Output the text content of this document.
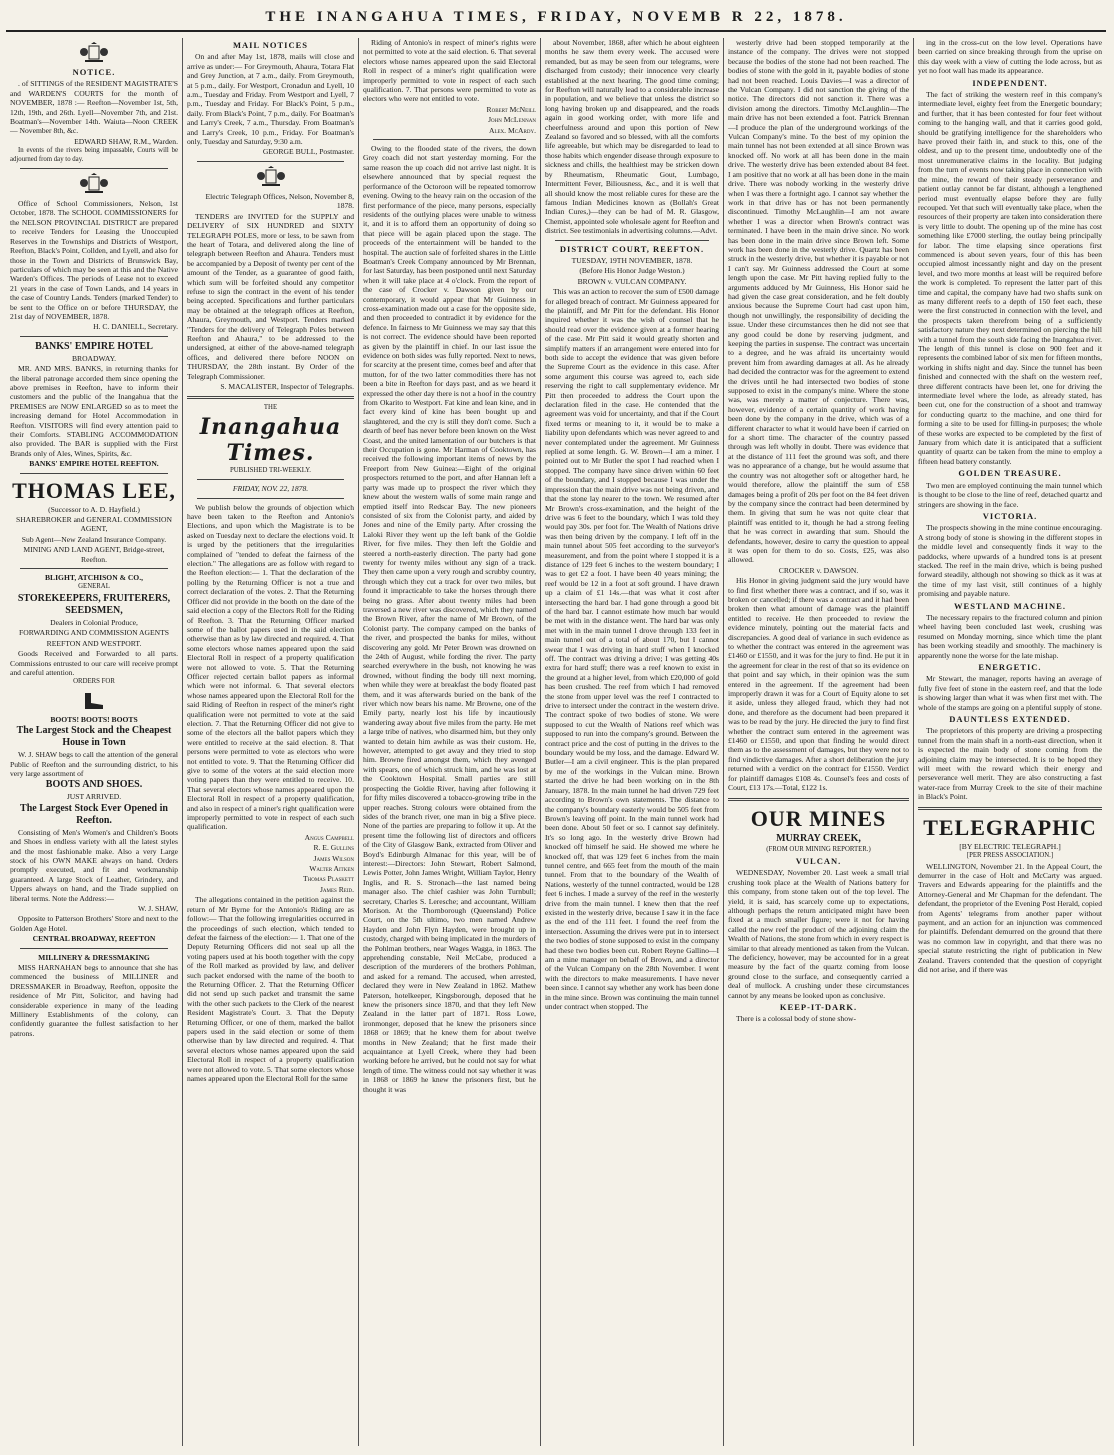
THE INANGAHUA TIMES, FRIDAY, NOVEMB R 22, 1878.

NOTICE.

. of SITTINGS of the RESIDENT MAGISTRATE'S and WARDEN'S COURTS for the month of NOVEMBER, 1878 :— Reefton—November 1st, 5th, 12th, 19th, and 26th. Lyell—November 7th, and 21st. Boatman's—November 14th. Waiuta—Noon CREEK — November 8th, &c.

EDWARD SHAW, R.M., Warden.

In events of the rivers being impassable, Courts will be adjourned from day to day.

Office of School Commissioners, Nelson, 1st October, 1878. The SCHOOL COMMISSIONERS for the NELSON PROVINCIAL DISTRICT are prepared to receive Tenders for Leasing the Unoccupied Reserves in the Townships and Districts of Westport, Reefton, Black's Point, Collden, and Lyell, and also for those in the Town and Districts of Brunswick Bay, particulars of which may be seen at this and the Native Warden's Offices. The periods of Lease not to exceed 21 years in the case of Town Lands, and 14 years in the case of Country Lands. Tenders (marked Tender) to be sent to the Office on or before THURSDAY, the 21st day of NOVEMBER, 1878.

H. C. DANIELL, Secretary.

BANKS' EMPIRE HOTEL

BROADWAY.

MR. AND MRS. BANKS, in returning thanks for the liberal patronage accorded them since opening the above premises in Reefton, have to inform their customers and the public of the Inangahua that the PREMISES are NOW ENLARGED so as to meet the increasing demand for Hotel Accommodation in Reefton. VISITORS will find every attention paid to their Comforts. STABLING ACCOMMODATION also provided. The BAR is supplied with the First Brands only of Ales, Wines, Spirits, &c.

BANKS' EMPIRE HOTEL REEFTON.

THOMAS LEE,

(Successor to A. D. Hayfield.)

SHAREBROKER and GENERAL COMMISSION AGENT,

Sub Agent—New Zealand Insurance Company.

MINING AND LAND AGENT, Bridge-street, Reefton.

BLIGHT, ATCHISON & CO.,

GENERAL

STOREKEEPERS, FRUITERERS, SEEDSMEN,

Dealers in Colonial Produce,

FORWARDING AND COMMISSION AGENTS

REEFTON AND WESTPORT.

Goods Received and Forwarded to all parts. Commissions entrusted to our care will receive prompt and careful attention.

ORDERS FOR

BOOTS! BOOTS! BOOTS

The Largest Stock and the Cheapest House in Town

W. J. SHAW begs to call the attention of the general Public of Reefton and the surrounding district, to his very large assortment of

BOOTS AND SHOES.

JUST ARRIVED.

The Largest Stock Ever Opened in Reefton.

Consisting of Men's Women's and Children's Boots and Shoes in endless variety with all the latest styles and the most fashionable make. Also a very Large stock of his OWN MAKE always on hand. Orders promptly executed, and fit and workmanship guaranteed. A large Stock of Leather, Grindery, and Uppers always on hand, and the Trade supplied on liberal terms. Note the Address:—

W. J. SHAW,

Opposite to Patterson Brothers' Store and next to the Golden Age Hotel.

CENTRAL BROADWAY, REEFTON

MILLINERY & DRESSMAKING

MISS HARNAHAN begs to announce that she has commenced the business of MILLINER and DRESSMAKER in Broadway, Reefton, opposite the residence of Mr Pitt, Solicitor, and having had considerable experience in many of the leading Millinery Establishments of the colony, can confidently guarantee the fullest satisfaction to her patrons.

MAIL NOTICES

On and after May 1st, 1878, mails will close and arrive as under:— For Greymouth, Ahaura, Totara Flat and Grey Junction, at 7 a.m., daily. From Greymouth, at 5 p.m., daily. For Westport, Cronadun and Lyell, 10 a.m., Tuesday and Friday. From Westport and Lyell, 7 p.m., Tuesday and Friday. For Black's Point, 5 p.m., daily. From Black's Point, 7 p.m., daily. For Boatman's and Larry's Creek, 7 a.m., Thursday. From Boatman's and Larry's Creek, 10 p.m., Friday. For Boatman's only, Tuesday and Saturday, 9:30 a.m.

GEORGE BULL, Postmaster.

Electric Telegraph Offices, Nelson, November 8, 1878.

TENDERS are INVITED for the SUPPLY and DELIVERY of SIX HUNDRED and SIXTY TELEGRAPH POLES, more or less, to be sawn from the heart of Totara, and delivered along the line of telegraph between Reefton and Ahaura. Tenders must be accompanied by a Deposit of twenty per cent of the amount of the Tender, as a guarantee of good faith, which sum will be forfeited should any competitor refuse to sign the contract in the event of his tender being accepted. Specifications and further particulars may be obtained at the telegraph offices at Reefton, Ahaura, Greymouth, and Westport. Tenders marked "Tenders for the delivery of Telegraph Poles between Reefton and Ahaura," to be addressed to the undersigned, at either of the above-named telegraph offices, and delivered there before NOON on THURSDAY, the 28th instant. By Order of the Telegraph Commissioner.

S. MACALISTER, Inspector of Telegraphs.

THE

Inangahua Times.

PUBLISHED TRI-WEEKLY.

FRIDAY, NOV. 22, 1878.

We publish below the grounds of objection which have been taken to the Reefton and Antonio's Elections, and upon which the Magistrate is to be asked on Tuesday next to declare the elections void. It is urged by the petitioners that the irregularities complained of "tended to defeat the fairness of the election." The allegations are as follow with regard to the Reefton election:— 1. That the declaration of the polling by the Returning Officer is not a true and correct declaration of the votes. 2. That the Returning Officer did not provide in the booth on the date of the said election a copy of the Electors Roll for the Riding of Reefton. 3. That the Returning Officer marked some of the ballot papers used in the said election otherwise than as by law directed and required. 4. That some electors whose names appeared upon the said Electoral Roll in respect of a property qualification were not allowed to vote. 5. That the Returning Officer rejected certain ballot papers as informal which were not informal. 6. That several electors whose names appeared upon the Electoral Roll for the said Riding of Reefton in respect of the miner's right qualification were not permitted to vote at the said election. 7. That the Returning Officer did not give to some of the electors all the ballot papers which they were entitled to receive at the said election. 8. That persons were permitted to vote as electors who were not entitled to vote. 9. That the Returning Officer did give to some of the voters at the said election more voting papers than they were entitled to receive. 10. That several electors whose names appeared upon the Electoral Roll in respect of a property qualification, and also in respect of a miner's right qualification were improperly permitted to vote in respect of each such qualification.

Angus Campbell

R. E. Gullins

James Wilson

Walter Aitken

Thomas Plaskett

James Reid.

The allegations contained in the petition against the return of Mr Byrne for the Antonio's Riding are as follow:— That the following irregularities occurred in the proceedings of such election, which tended to defeat the fairness of the election:— 1. That one of the Deputy Returning Officers did not seal up all the voting papers used at his booth together with the copy of the Roll marked as provided by law, and deliver such packet endorsed with the name of the booth to the Returning Officer. 2. That the Returning Officer did not send up such packet and transmit the same with the other such packets to the Clerk of the nearest Resident Magistrate's Court. 3. That the Deputy Returning Officer, or one of them, marked the ballot papers used in the said election or some of them otherwise than by law directed and required. 4. That several electors whose names appeared upon the said Electoral Roll in respect of a property qualification were not allowed to vote. 5. That some electors whose names appeared upon the Electoral Roll for the same

Riding of Antonio's in respect of miner's rights were not permitted to vote at the said election. 6. That several electors whose names appeared upon the said Electoral Roll in respect of a miner's right qualification were improperly permitted to vote in respect of each such qualification. 7. That persons were permitted to vote as electors who were not entitled to vote.

Robert McNeill

John McLennan

Alex. McArdy.

Owing to the flooded state of the rivers, the down Grey coach did not start yesterday morning. For the same reason the up coach did not arrive last night. It is elsewhere announced that by special request the performance of the Octoroon will be repeated tomorrow evening. Owing to the heavy rain on the occasion of the first performance of the piece, many persons, especially residents of the outlying places were unable to witness it, and it is to afford them an opportunity of doing so that piece will be again placed upon the stage. The proceeds of the entertainment will be handed to the hospital. The auction sale of forfeited shares in the Little Boatman's Creek Company announced by Mr Brennan, for last Saturday, has been postponed until next Saturday when it will take place at 4 o'clock. From the report of the case of Crocker v. Dawson given by our contemporary, it would appear that Mr Guinness in cross-examination made out a case for the opposite side, and then proceeded to contradict it by evidence for the defence. In fairness to Mr Guinness we may say that this is not correct. The evidence should have been reported as given by the plaintiff in chief. In our last issue the evidence on both sides was fully reported. Next to news, for scarcity at the present time, comes beef and after that mutton, for of the two latter commodities there has not been a bite in Reefton for days past, and as we heard it expressed the other day there is not a hoof in the country from Okarito to Westport. Fat kine and lean kine, and in fact every kind of kine has been bought up and slaughtered, and the cry is still they don't come. Such a dearth of beef has never before been known on the West Coast, and the united lamentation of our butchers is that their Occupation is gone. Mr Harman of Cooktown, has received the following important items of news by the Freeport from New Guinea:—Eight of the original prospectors returned to the port, and after Hannan left a party was made up to prospect the river which they knew about the western walls of some main range and emptied itself into Redscar Bay. The new pioneers consisted of six from the Colonist party, and aided by Jones and nine of the Emily party. After crossing the Laloki River they went up the left bank of the Goldie River, for five miles. They then left the Goldie and steered a north-easterly direction. The party had gone twenty for twenty miles without any sign of a track. They then came upon a very rough and scrubby country, through which they cut a track for over two miles, but found it impracticable to take the horses through there being no grass. After about twenty miles had been traversed a new river was discovered, which they named the Brown River, after the name of Mr Brown, of the Colonist party. The company camped on the banks of the river, and prospected the banks for miles, without discovering any gold. Mr Peter Brown was drowned on the 24th of August, while fording the river. The party searched everywhere in the bush, not knowing he was drowned, without finding the body till next morning, when while they were at breakfast the body floated past them, and it was afterwards buried on the bank of the river which now bears his name. Mr Browne, one of the Emily party, nearly lost his life by incautiously wandering away about five miles from the party. He met a large tribe of natives, who disarmed him, but they only wanted to detain him awhile as was their custom. He, however, attempted to get away and they tried to stop him. Browne fired amongst them, which they avenged with spears, one of which struck him, and he was lost at the Cooktown Hospital. Small parties are still prospecting the Goldie River, having after following it for fifty miles discovered a tobacco-growing tribe in the upper reaches. Strong colours were obtained from the sides of the branch river, one man in big a $five piece. None of the parties are preparing to follow it up. At the present time the following list of directors and officers of the City of Glasgow Bank, extracted from Oliver and Boyd's Edinburgh Almanac for this year, will be of interest:—Directors: John Stewart, Robert Salmond, Lewis Potter, John James Wright, William Taylor, Henry Inglis, and R. S. Stronach—the last named being manager also. The chief cashier was John Turnbull; secretary, Charles S. Leresche; and accountant, William Morison. At the Thornborough (Queensland) Police Court, on the 5th ultimo, two men named Andrew Hayden and John Flyn Hayden, were brought up in custody, charged with being implicated in the murders of the Pohlman brothers, near Wages Wagga, in 1863. The apprehending constable, Neil McCabe, produced a description of the murderers of the brothers Pohlman, and asked for a remand. The accused, when arrested, declared they were in New Zealand in 1862. Mathew Paterson, hotelkeeper, Kingsborough, deposed that he knew the prisoners since 1870, and that they left New Zealand in the latter part of 1871. Ross Lowe, ironmonger, deposed that he knew the prisoners since 1868 or 1869; that he knew them for about twelve months in New Zealand; that he first made their acquaintance at Lyell Creek, where they had been working before he arrived, but he could not say for what length of time. The witness could not say whether it was in 1868 or 1869 he knew the prisoners first, but he thought it was

about November, 1868, after which he about eighteen months he saw them every week. The accused were remanded, but as may be seen from our telegrams, were discharged from custody; their innocence very clearly established at the next hearing. The good time coming; for Reefton will naturally lead to a considerable increase in population, and we believe that unless the district so long having broken up and disappeared, and the roads again in good working order, with more life and cheerfulness around and upon this portion of New Zealand so favored and so blessed, with all the comforts life agreeable, but which may be disregarded to lead to those habits which engender disease through exposure to sickness and chills, the healthiest may be stricken down by Rheumatism, Rheumatic Gout, Lumbago, Intermittent Fever, Biliousness, &c., and it is well that all should know the most reliable cures for these are the famous Indian Medicines known as (Bollah's Great Indian Cures,)—they can be had of M. R. Glasgow, Chemist, appointed sole wholesale agent for Reefton and district. See testimonials in advertising columns.—Advt.

DISTRICT COURT, REEFTON.

TUESDAY, 19TH NOVEMBER, 1878.

(Before His Honor Judge Weston.)

BROWN v. VULCAN COMPANY.

This was an action to recover the sum of £500 damage for alleged breach of contract. Mr Guinness appeared for the plaintiff, and Mr Pitt for the defendant. His Honor inquired whether it was the wish of counsel that he should read over the evidence given at a former hearing of the case. Mr Pitt said it would greatly shorten and simplify matters if an arrangement were entered into for both side to accept the evidence that was given before the Supreme Court as the evidence in this case. After some argument this course was agreed to, each side reserving the right to call supplementary evidence. Mr Pitt then proceeded to address the Court upon the declaration filed in the case. He contended that the agreement was void for uncertainty, and that if the Court fixed terms or meaning to it, it would be to make a liability upon defendants which was never agreed to and never contemplated under the agreement. Mr Guinness replied at some length. G. W. Brown—I am a miner. I pointed out to Mr Butler the spot I had reached when I stopped. The company have since driven within 60 feet of the boundary, and I stopped because I was under the impression that the main drive was not being driven, and that the stone lay nearer to the town. We resumed after Mr Brown's cross-examination, and the height of the drive was 6 feet to the boundary, which I was told they would pay 30s. per foot for. The Wealth of Nations drive was then being driven by the company. I left off in the main tunnel about 505 feet according to the surveyor's measurement, and from the point where I stopped it is a distance of 129 feet 6 inches to the western boundary; I was to get £2 a foot. I have been 40 years mining; the reef would be 12 in a foot at soft ground. I have drawn up a claim of £1 14s.—that was what it cost after intersecting the hard bar. I had gone through a good bit of the hard bar. I cannot estimate how much bar would be met with in the distance went. The hard bar was only met with in the main tunnel I drove through 133 feet in main tunnel out of a total of about 170, but I cannot swear that I was driving in hard stuff when I knocked off. The contract was driving a drive; I was getting 40s extra for hard stuff; there was a reef known to exist in the ground at a higher level, from which £20,000 of gold has been crushed. The reef from which I had removed the stone from upper level was the reef I contracted to drive to intersect under the contract in the western drive. The contract spoke of two bodies of stone. We were supposed to cut the Wealth of Nations reef which was supposed to run into the company's ground. Between the contract price and the cost of putting in the drives to the boundary would be my loss, and the damage. Edward W. Butler—I am a civil engineer. This is the plan prepared by me of the workings in the Vulcan mine. Brown started the drive he had been working on in the 8th January, 1878. In the main tunnel he had driven 729 feet according to Brown's own statements. The distance to the company's boundary easterly would be 505 feet from Brown's leaving off point. In the main tunnel work had been done. About 50 feet or so. I cannot say definitely. It's so long ago. In the westerly drive Brown had knocked off himself he said. He showed me where he knocked off, that was 129 feet 6 inches from the main tunnel centre, and 665 feet from the mouth of the main tunnel. From that to the boundary of the Wealth of Nations, westerly of the tunnel contracted, would be 128 feet 6 inches. I made a survey of the reef in the westerly drive from the main tunnel. I knew then that the reef existed in the westerly drive, because I saw it in the face as the end of the 111 feet. I found the reef from the intersection. Assuming the drives were put in to intersect the two bodies of stone supposed to exist in the company had these two bodies been cut. Robert Reyne Gallino—I am a mine manager on behalf of Brown, and a director of the Vulcan Company on the 28th November. I went with the directors to make measurements. I have never been since. I cannot say whether any work has been done in the mine since. Brown was continuing the main tunnel under contract when stopped. The

westerly drive had been stopped temporarily at the instance of the company. The drives were not stopped because the bodies of the stone had not been reached. The bodies of stone with the gold in it, payable bodies of stone had not been reached. Louis Davies—I was a director of the Vulcan Company. I did not sanction the giving of the notice. The directors did not sanction it. There was a division among the directors. Timothy McLaughlin—The main drive has not been extended a foot. Patrick Brennan—I produce the plan of the underground workings of the Vulcan Company's mine. To the best of my opinion the main tunnel has not been extended at all since Brown was knocked off. No work at all has been done in the main drive. The westerly drive has been extended about 84 feet. I am positive that no work at all has been done in the main drive. There was nobody working in the westerly drive when I was there a fortnight ago. I cannot say whether the work in that drive has or has not been permanently discontinued. Timothy McLaughlin—I am not aware whether I was a director when Brown's contract was terminated. I have been in the main drive since. No work has been done in the main drive since Brown left. Some work has been done in the westerly drive. Quartz has been struck in the westerly drive, but whether it is payable or not I can't say. Mr Guinness addressed the Court at some length upon the case. Mr Pitt having replied fully to the arguments adduced by Mr Guinness, His Honor said he had given the case great consideration, and he felt doubly anxious because the Supreme Court had cast upon him, though not unwillingly, the responsibility of deciding the issue. Under these circumstances then he did not see that any good could be done by reserving judgment, and keeping the parties in suspense. The contract was uncertain to a degree, and he was afraid its uncertainty would prevent him from awarding damages at all. As he already had decided the contractor was for the agreement to extend the drives until he had intersected two bodies of stone supposed to exist in the company's mine. Where the stone was, was merely a matter of conjecture. There was, however, evidence of a certain quantity of work having been done by the company in the drive, which was of a different character to what it would have been if carried on for a short time. The character of the country passed through was left wholly in doubt. There was evidence that at the distance of 111 feet the ground was soft, and there was no appearance of a change, but he would assume that the country was not altogether soft or altogether hard, he would therefore, allow the plaintiff the sum of £58 damages being a profit of 20s per foot on the 84 feet driven by the company since the contract had been determined by them. In giving that sum he was not quite clear that plaintiff was entitled to it, though he had a strong feeling that he was correct in awarding that sum. Should the defendants, however, desire to carry the question to appeal it was open for them to do so. Costs, £25, was also allowed.

CROCKER v. DAWSON.

His Honor in giving judgment said the jury would have to find first whether there was a contract, and if so, was it broken or cancelled; if there was a contract and it had been broken then what amount of damage was the plaintiff entitled to receive. He then proceeded to review the evidence minutely, pointing out the material facts and discrepancies. A good deal of variance in such evidence as to whether the contract was entered in the agreement was £1460 or £1550, and it was for the jury to find. He put it in the agreement for clear in the rest of that so its evidence on that point and say which, in their opinion was the sum entered in the agreement. If the agreement had been improperly drawn it was for a Court of Equity alone to set it aside, unless they alleged fraud, which they had not done, and therefore as the document had been prepared it was to be read by the jury. He directed the jury to find first whether the contract sum entered in the agreement was £1460 or £1550, and upon that finding he would direct them as to the assessment of damages, but they were not to find vindictive damages. After a short deliberation the jury returned with a verdict on the contract for £1550. Verdict for plaintiff damages £108 4s. Counsel's fees and costs of Court, £13 17s.—Total, £122 1s.

OUR MINES

MURRAY CREEK,

(FROM OUR MINING REPORTER.)

VULCAN.

WEDNESDAY, November 20. Last week a small trial crushing took place at the Wealth of Nations battery for this company, from stone taken out of the top level. The yield, it is said, has scarcely come up to expectations, although perhaps the return anticipated might have been fixed at a much smaller figure; were it not for having called the new reef the product of the adjoining claim the Wealth of Nations, the stone from which in every respect is similar to that already mentioned as taken from the Vulcan. The deficiency, however, may be accounted for in a great measure by the fact of the quartz coming from loose ground close to the surface, and consequently carried a deal of mullock. A crushing under these circumstances cannot by any means be looked upon as conclusive.

KEEP-IT-DARK.

There is a colossal body of stone show-

ing in the cross-cut on the low level. Operations have been carried on since breaking through from the uprise on this day week with a view of cutting the lode across, but as yet no foot wall has made its appearance.

INDEPENDENT.

The fact of striking the western reef in this company's intermediate level, eighty feet from the Energetic boundary; and further, that it has been contested for four feet without coming to the hanging wall, and that it carries good gold, should be gratifying intelligence for the shareholders who have proved their faith in, and stuck to this, one of the oldest, and up to the present time, undoubtedly one of the most unremunerative claims in the locality. But judging from the turn of events now taking place in connection with the mine, the reward of their steady perseverance and patient outlay cannot be far distant, although a lengthened period must eventually elapse before they are fully recouped. Yet that such will eventually take place, when the resources of their property are taken into consideration there is very little to doubt. The opening up of the mine has cost something like £7000 sterling, the outlay being principally for labor. The time elapsing since operations first commenced is about seven years, four of this has been occupied almost incessantly night and day on the present level, and two more months at least will be required before the work is completed. To represent the latter part of this time and capital, the company have had two shafts sunk on as many different reefs to a depth of 150 feet each, these were the first constructed in connection with the level, and the prospects taken therefrom being of a sufficiently satisfactory nature they next determined on piercing the hill with a tunnel from the south side facing the Inangahua river. The length of this tunnel is close on 900 feet and it represents the combined labor of six men for fifteen months, working in shifts night and day. Since the tunnel has been finished and connected with the shaft on the western reef, three different contracts have been let, one for driving the intermediate level where the lode, as already stated, has been cut, one for the construction of a shoot and tramway for conducting quartz to the machine, and one third for forming a site to be used for filling-in purposes; the whole of these works are expected to be completed by the first of January from which date it is anticipated that a sufficient quantity of quartz can be taken from the mine to employ a fifteen head battery constantly.

GOLDEN TREASURE.

Two men are employed continuing the main tunnel which is thought to be close to the line of reef, detached quartz and stringers are showing in the face.

VICTORIA.

The prospects showing in the mine continue encouraging. A strong body of stone is showing in the different stopes in the middle level and consequently finds it way to the paddocks, where upwards of a hundred tons is at present stacked. The reef in the main drive, which is being pushed forward steadily, although not showing so thick as it was at the time of my last visit, still continues of a highly promising and payable nature.

WESTLAND MACHINE.

The necessary repairs to the fractured column and pinion wheel having been concluded last week, crushing was resumed on Monday morning, since which time the plant has been working steadily and smoothly. The machinery is apparently none the worse for the late mishap.

ENERGETIC.

Mr Stewart, the manager, reports having an average of fully five feet of stone in the eastern reef, and that the lode is showing larger than what it was when first met with. The whole of the stamps are going on a plentiful supply of stone.

DAUNTLESS EXTENDED.

The proprietors of this property are driving a prospecting tunnel from the main shaft in a north-east direction, when it is expected the main body of stone coming from the adjoining claim may be intersected. It is to be hoped they will meet with the reward which their energy and perseverance well merit. They are also constructing a fast water-race from Murray Creek to the site of their machine in Black's Point.

TELEGRAPHIC

[BY ELECTRIC TELEGRAPH.]

[PER PRESS ASSOCIATION.]

WELLINGTON, November 21. In the Appeal Court, the demurrer in the case of Holt and McCarty was argued. Travers and Edwards appearing for the plaintiffs and the Attorney-General and Mr Chapman for the defendant. The defendant, the proprietor of the Evening Post Herald, copied from Agents' telegrams from another paper without payment, and an action for an injunction was commenced for plaintiffs. Defendant demurred on the ground that there was no common law in copyright, and that there was no special statute restricting the right of publication in New Zealand. Travers contended that the question of copyright did not arise, and if there was
